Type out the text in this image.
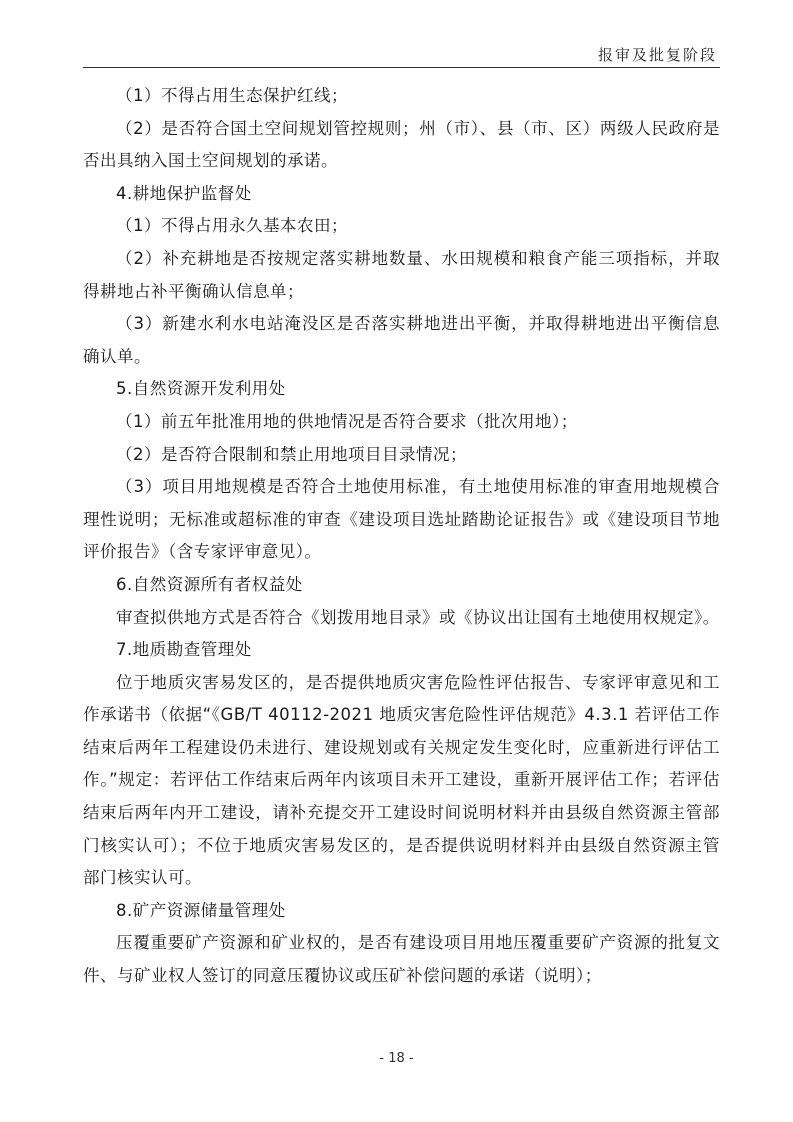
报审及批复阶段

（1）不得占用生态保护红线；

（2）是否符合国土空间规划管控规则；州（市）、县（市、区）两级人民政府是否出具纳入国土空间规划的承诺。

4.耕地保护监督处

（1）不得占用永久基本农田；

（2）补充耕地是否按规定落实耕地数量、水田规模和粮食产能三项指标，并取得耕地占补平衡确认信息单；

（3）新建水利水电站淹没区是否落实耕地进出平衡，并取得耕地进出平衡信息确认单。

5.自然资源开发利用处

（1）前五年批准用地的供地情况是否符合要求（批次用地）；

（2）是否符合限制和禁止用地项目目录情况；

（3）项目用地规模是否符合土地使用标准，有土地使用标准的审查用地规模合理性说明；无标准或超标准的审查《建设项目选址踏勘论证报告》或《建设项目节地评价报告》（含专家评审意见）。

6.自然资源所有者权益处

审查拟供地方式是否符合《划拨用地目录》或《协议出让国有土地使用权规定》。

7.地质勘查管理处

位于地质灾害易发区的，是否提供地质灾害危险性评估报告、专家评审意见和工作承诺书（依据“《GB/T 40112-2021 地质灾害危险性评估规范》4.3.1 若评估工作结束后两年工程建设仍未进行、建设规划或有关规定发生变化时，应重新进行评估工作。”规定：若评估工作结束后两年内该项目未开工建设，重新开展评估工作；若评估结束后两年内开工建设，请补充提交开工建设时间说明材料并由县级自然资源主管部门核实认可）；不位于地质灾害易发区的，是否提供说明材料并由县级自然资源主管部门核实认可。

8.矿产资源储量管理处

压覆重要矿产资源和矿业权的，是否有建设项目用地压覆重要矿产资源的批复文件、与矿业权人签订的同意压覆协议或压矿补偿问题的承诺（说明）；

- 18 -
